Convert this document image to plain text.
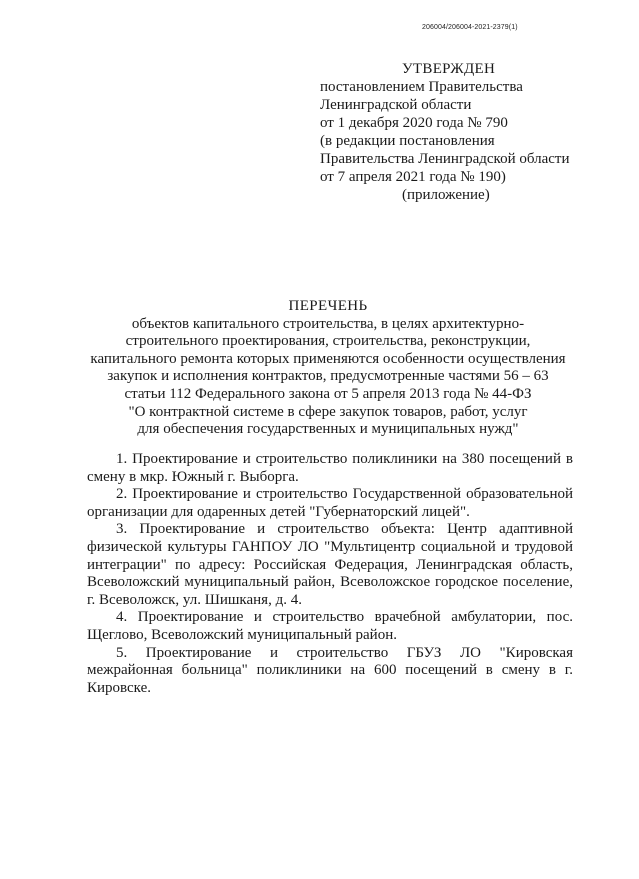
206004/206004-2021-2379(1)
УТВЕРЖДЕН
постановлением Правительства
Ленинградской области
от 1 декабря 2020 года № 790
(в редакции постановления
Правительства Ленинградской области
от 7 апреля 2021 года № 190)
(приложение)
ПЕРЕЧЕНЬ
объектов капитального строительства, в целях архитектурно-
строительного проектирования, строительства, реконструкции,
капитального ремонта которых применяются особенности осуществления
закупок и исполнения контрактов, предусмотренные частями 56 – 63
статьи 112 Федерального закона от 5 апреля 2013 года № 44-ФЗ
"О контрактной системе в сфере закупок товаров, работ, услуг
для обеспечения государственных и муниципальных нужд"

1. Проектирование и строительство поликлиники на 380 посещений в смену в мкр. Южный г. Выборга.

2. Проектирование и строительство Государственной образовательной организации для одаренных детей "Губернаторский лицей".

3. Проектирование и строительство объекта: Центр адаптивной физической культуры ГАНПОУ ЛО "Мультицентр социальной и трудовой интеграции" по адресу: Российская Федерация, Ленинградская область, Всеволожский муниципальный район, Всеволожское городское поселение, г. Всеволожск, ул. Шишканя, д. 4.

4. Проектирование и строительство врачебной амбулатории, пос. Щеглово, Всеволожский муниципальный район.

5. Проектирование и строительство ГБУЗ ЛО "Кировская межрайонная больница" поликлиники на 600 посещений в смену в г. Кировске.
